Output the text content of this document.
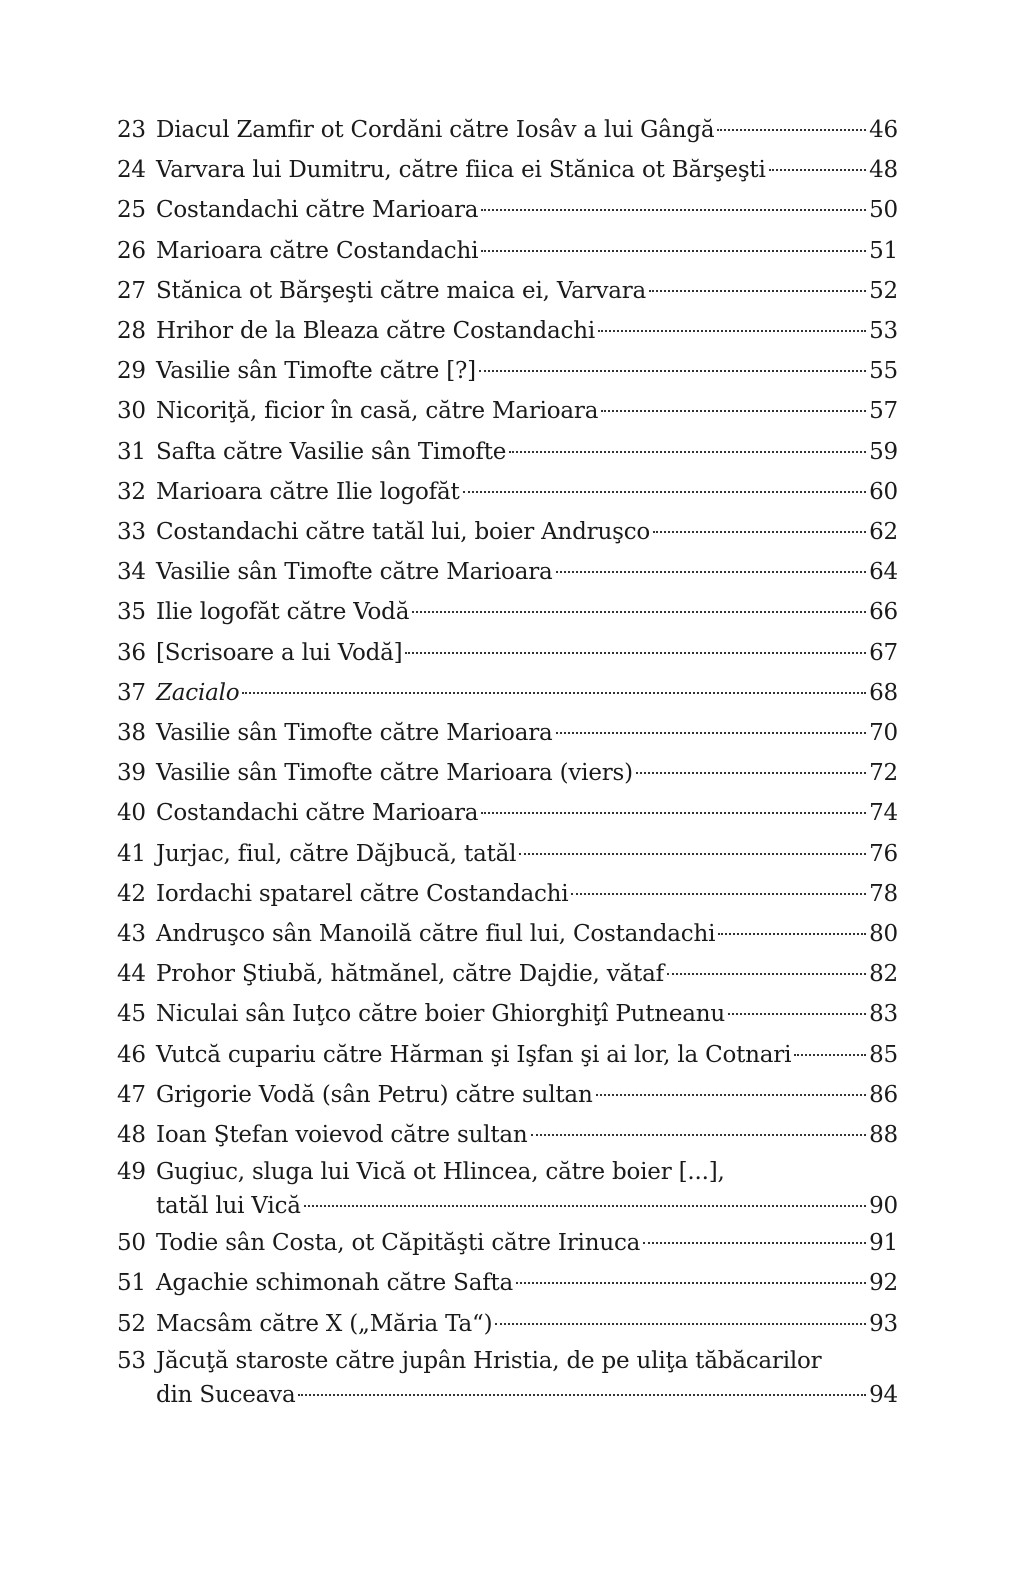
23 Diacul Zamfir ot Cordăni către Iosâv a lui Gângă	46
24 Varvara lui Dumitru, către fiica ei Stănica ot Bărşeşti	48
25 Costandachi către Marioara	50
26 Marioara către Costandachi	51
27 Stănica ot Bărşeşti către maica ei, Varvara	52
28 Hrihor de la Bleaza către Costandachi	53
29 Vasilie sân Timofte către [?]	55
30 Nicoriţă, ficior în casă, către Marioara	57
31 Safta către Vasilie sân Timofte	59
32 Marioara către Ilie logofăt	60
33 Costandachi către tatăl lui, boier Andruşco	62
34 Vasilie sân Timofte către Marioara	64
35 Ilie logofăt către Vodă	66
36 [Scrisoare a lui Vodă]	67
37 Zacialo	68
38 Vasilie sân Timofte către Marioara	70
39 Vasilie sân Timofte către Marioara (viers)	72
40 Costandachi către Marioara	74
41 Jurjac, fiul, către Dăjbucă, tatăl	76
42 Iordachi spatarel către Costandachi	78
43 Andruşco sân Manoilă către fiul lui, Costandachi	80
44 Prohor Ştiubă, hătmănel, către Dajdie, vătaf	82
45 Niculai sân Iuţco către boier Ghiorghiţî Putneanu	83
46 Vutcă cupariu către Hărman şi Işfan şi ai lor, la Cotnari	85
47 Grigorie Vodă (sân Petru) către sultan	86
48 Ioan Ştefan voievod către sultan	88
49 Gugiuc, sluga lui Vică ot Hlincea, către boier [...],
tatăl lui Vică	90
50 Todie sân Costa, ot Căpităşti către Irinuca	91
51 Agachie schimonah către Safta	92
52 Macsâm către X („Măria Ta“)	93
53 Jăcuţă staroste către jupân Hristia, de pe uliţa tăbăcarilor
din Suceava	94
